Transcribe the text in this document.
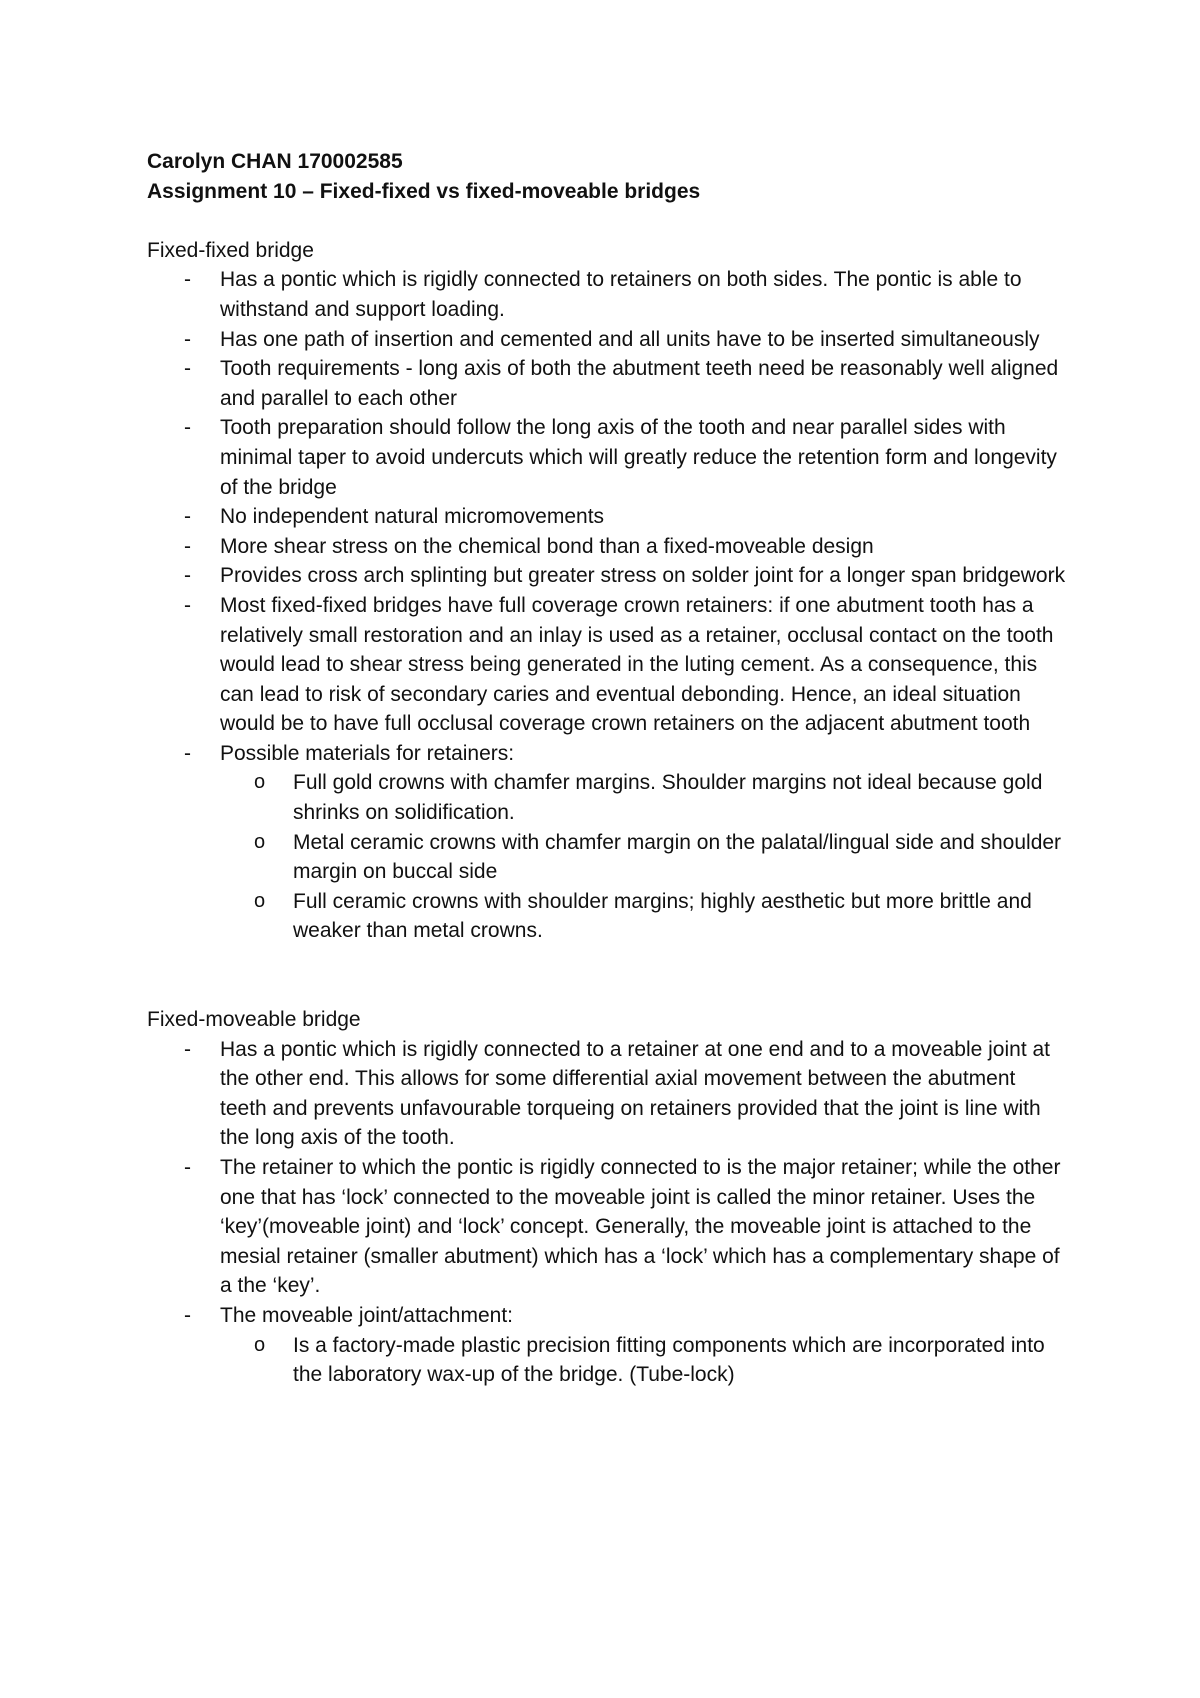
Carolyn CHAN 170002585

Assignment 10 – Fixed-fixed vs fixed-moveable bridges

Fixed-fixed bridge

- Has a pontic which is rigidly connected to retainers on both sides. The pontic is able to withstand and support loading.
- Has one path of insertion and cemented and all units have to be inserted simultaneously
- Tooth requirements - long axis of both the abutment teeth need be reasonably well aligned and parallel to each other
- Tooth preparation should follow the long axis of the tooth and near parallel sides with minimal taper to avoid undercuts which will greatly reduce the retention form and longevity of the bridge
- No independent natural micromovements
- More shear stress on the chemical bond than a fixed-moveable design
- Provides cross arch splinting but greater stress on solder joint for a longer span bridgework
- Most fixed-fixed bridges have full coverage crown retainers: if one abutment tooth has a relatively small restoration and an inlay is used as a retainer, occlusal contact on the tooth would lead to shear stress being generated in the luting cement. As a consequence, this can lead to risk of secondary caries and eventual debonding. Hence, an ideal situation would be to have full occlusal coverage crown retainers on the adjacent abutment tooth
- Possible materials for retainers:
o Full gold crowns with chamfer margins. Shoulder margins not ideal because gold shrinks on solidification.
o Metal ceramic crowns with chamfer margin on the palatal/lingual side and shoulder margin on buccal side
o Full ceramic crowns with shoulder margins; highly aesthetic but more brittle and weaker than metal crowns.

Fixed-moveable bridge

- Has a pontic which is rigidly connected to a retainer at one end and to a moveable joint at the other end. This allows for some differential axial movement between the abutment teeth and prevents unfavourable torqueing on retainers provided that the joint is line with the long axis of the tooth.
- The retainer to which the pontic is rigidly connected to is the major retainer; while the other one that has ‘lock’ connected to the moveable joint is called the minor retainer. Uses the ‘key’(moveable joint) and ‘lock’ concept. Generally, the moveable joint is attached to the mesial retainer (smaller abutment) which has a ‘lock’ which has a complementary shape of a the ‘key’.
- The moveable joint/attachment:
o Is a factory-made plastic precision fitting components which are incorporated into the laboratory wax-up of the bridge. (Tube-lock)
